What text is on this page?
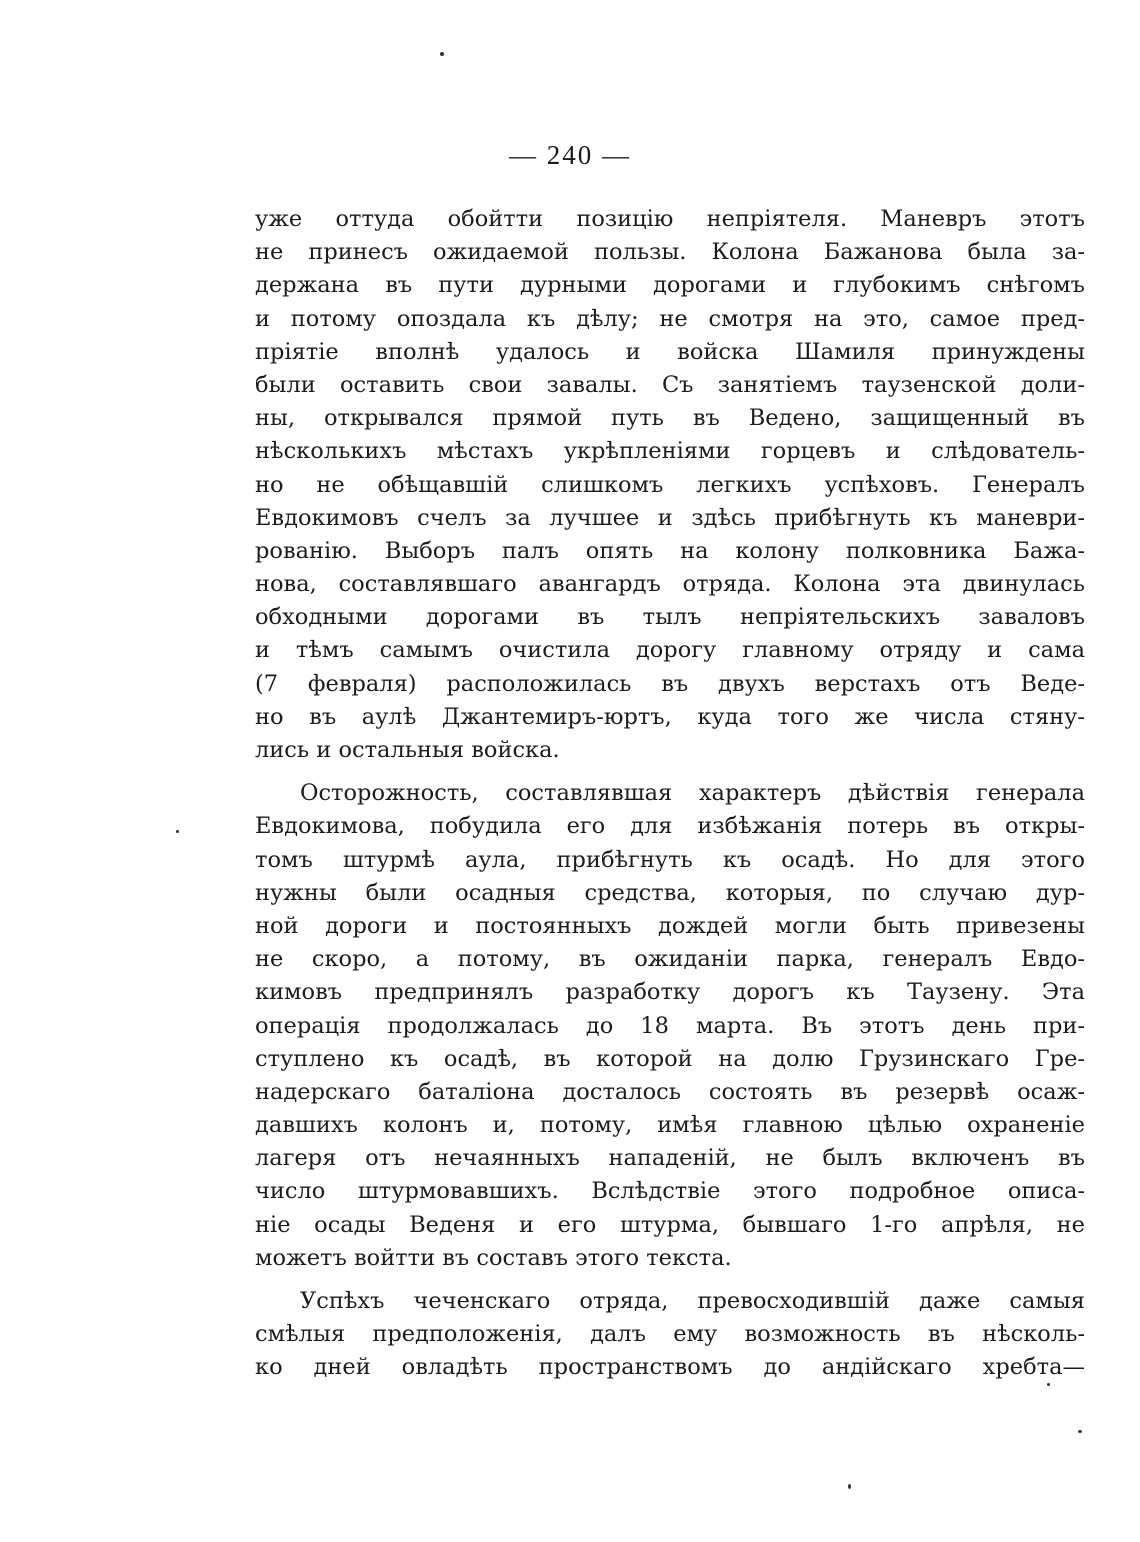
— 240 —
уже оттуда обойтти позицію непріятеля. Маневръ этотъ
не принесъ ожидаемой пользы. Колона Бажанова была за-
держана въ пути дурными дорогами и глубокимъ снѣгомъ
и потому опоздала къ дѣлу; не смотря на это, самое пред-
пріятіе вполнѣ удалось и войска Шамиля принуждены
были оставить свои завалы. Съ занятіемъ таузенской доли-
ны, открывался прямой путь въ Ведено, защищенный въ
нѣсколькихъ мѣстахъ укрѣпленіями горцевъ и слѣдователь-
но не обѣщавшій слишкомъ легкихъ успѣховъ. Генералъ
Евдокимовъ счелъ за лучшее и здѣсь прибѣгнуть къ маневри-
рованію. Выборъ палъ опять на колону полковника Бажа-
нова, составлявшаго авангардъ отряда. Колона эта двинулась
обходными дорогами въ тылъ непріятельскихъ заваловъ
и тѣмъ самымъ очистила дорогу главному отряду и сама
(7 февраля) расположилась въ двухъ верстахъ отъ Веде-
но въ аулѣ Джантемиръ-юртъ, куда того же числа стяну-
лись и остальныя войска.
Осторожность, составлявшая характеръ дѣйствія генерала
Евдокимова, побудила его для избѣжанія потерь въ откры-
томъ штурмѣ аула, прибѣгнуть къ осадѣ. Но для этого
нужны были осадныя средства, которыя, по случаю дур-
ной дороги и постоянныхъ дождей могли быть привезены
не скоро, а потому, въ ожиданіи парка, генералъ Евдо-
кимовъ предпринялъ разработку дорогъ къ Таузену. Эта
операція продолжалась до 18 марта. Въ этотъ день при-
ступлено къ осадѣ, въ которой на долю Грузинскаго Гре-
надерскаго баталіона досталось состоять въ резервѣ осаж-
давшихъ колонъ и, потому, имѣя главною цѣлью охраненіе
лагеря отъ нечаянныхъ нападеній, не былъ включенъ въ
число штурмовавшихъ. Вслѣдствіе этого подробное описа-
ніе осады Веденя и его штурма, бывшаго 1-го апрѣля, не
можетъ войтти въ составъ этого текста.
Успѣхъ чеченскаго отряда, превосходившій даже самыя
смѣлыя предположенія, далъ ему возможность въ нѣсколь-
ко дней овладѣть пространствомъ до андійскаго хребта—
